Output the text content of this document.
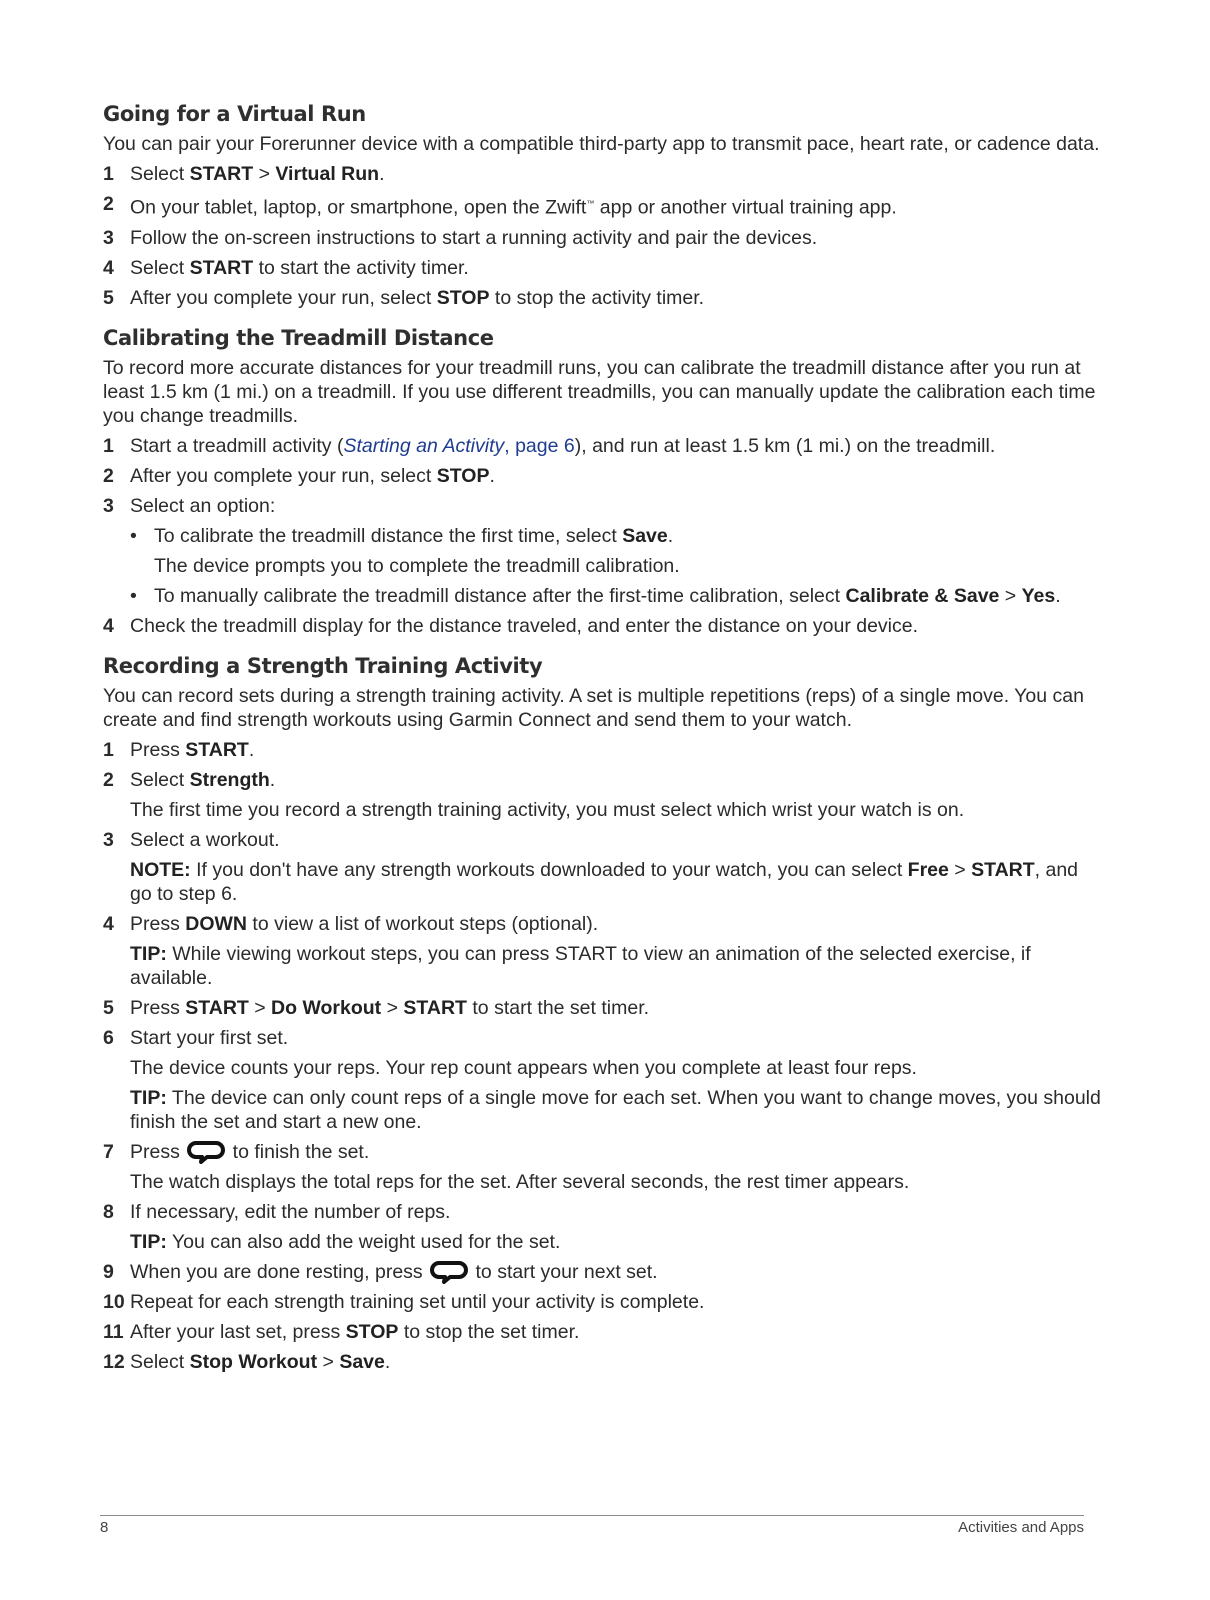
Going for a Virtual Run

You can pair your Forerunner device with a compatible third-party app to transmit pace, heart rate, or cadence data.

1 Select START > Virtual Run.
2 On your tablet, laptop, or smartphone, open the Zwift™ app or another virtual training app.
3 Follow the on-screen instructions to start a running activity and pair the devices.
4 Select START to start the activity timer.
5 After you complete your run, select STOP to stop the activity timer.
Calibrating the Treadmill Distance

To record more accurate distances for your treadmill runs, you can calibrate the treadmill distance after you run at least 1.5 km (1 mi.) on a treadmill. If you use different treadmills, you can manually update the calibration each time you change treadmills.

1 Start a treadmill activity (Starting an Activity, page 6), and run at least 1.5 km (1 mi.) on the treadmill.
2 After you complete your run, select STOP.
3 Select an option:
• To calibrate the treadmill distance the first time, select Save.
The device prompts you to complete the treadmill calibration.
• To manually calibrate the treadmill distance after the first-time calibration, select Calibrate & Save > Yes.
4 Check the treadmill display for the distance traveled, and enter the distance on your device.
Recording a Strength Training Activity

You can record sets during a strength training activity. A set is multiple repetitions (reps) of a single move. You can create and find strength workouts using Garmin Connect and send them to your watch.

1 Press START.
2 Select Strength.
The first time you record a strength training activity, you must select which wrist your watch is on.
3 Select a workout.
NOTE: If you don't have any strength workouts downloaded to your watch, you can select Free > START, and go to step 6.
4 Press DOWN to view a list of workout steps (optional).
TIP: While viewing workout steps, you can press START to view an animation of the selected exercise, if available.
5 Press START > Do Workout > START to start the set timer.
6 Start your first set.
The device counts your reps. Your rep count appears when you complete at least four reps.
TIP: The device can only count reps of a single move for each set. When you want to change moves, you should finish the set and start a new one.
7 Press  to finish the set.
The watch displays the total reps for the set. After several seconds, the rest timer appears.
8 If necessary, edit the number of reps.
TIP: You can also add the weight used for the set.
9 When you are done resting, press  to start your next set.
10 Repeat for each strength training set until your activity is complete.
11 After your last set, press STOP to stop the set timer.
12 Select Stop Workout > Save.
8	Activities and Apps
